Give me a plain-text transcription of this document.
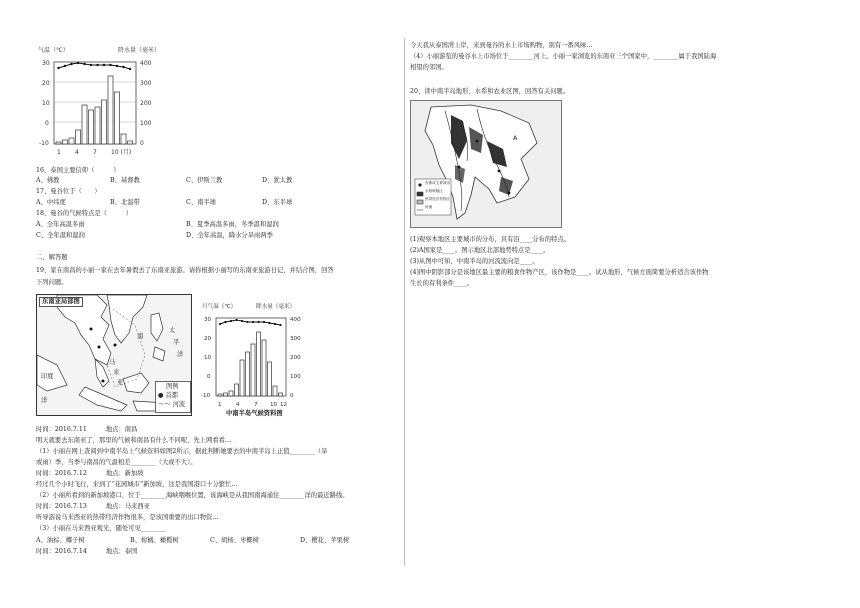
气温（℃）	降水量（毫米）
30
20
10
0
-10
400
300
200
100
0
1 4 7 10 (月)
16、泰国主要信仰（　　　）
A、佛教	B、基督教	C、伊斯兰教	D、犹太教
17、曼谷位于（　　）
A、中纬度	B、北温带	C、南半球	D、东半球
18、曼谷的气候特点是（　　　）
A、全年高温多雨	B、夏季高温多雨，冬季温和湿润
C、全年温和湿润	D、全年高温，降水分旱雨两季
二、解答题
19、家在南昌的小丽一家在去年暑假去了东南亚旅游。请你根据小丽写的东南亚旅游日记，并结合图，回答
下列问题。
东南亚局部图
南
太
平
洋
马
来
亚
洋
印度
图例
● 首都
～～ 河流
月气温（℃）	降水量（毫米）
30
20
10
0
-10
400
300
200
100
0
1	4	7 10 12
中南半岛气候资料图
时间：2016.7.11　　　地点：南昌
明天就要去东南亚了，那里的气候和南昌有什么不同呢，先上网看看…
（1）小丽在网上查阅到中南半岛上气候资料如图2所示，据此判断她要去的中南半岛上正值________（旱
或雨）季，当季与南昌的气温相差________（大或不大）。
时间：2016.7.12　　　地点：新加坡
经过几个小时飞行，来到了“花园城市”新加坡，这是我国港口十分繁忙…
（2）小丽所看到的新加坡港口，位于________海峡咽喉位置，该海峡是从我国南海通往________洋的最近路线。
时间：2016.7.13　　　地点：马来西亚
听导游说马来西亚的热带经济作物很多，是该国重要的出口物资…
（3）小丽在马来西亚观光，随处可见________
A、油棕、椰子树	B、柑橘、橄榄树	C、胡杨、枣椰树	D、樱花、苹果树
时间：2016.7.14　　　地点：泰国
今天我从泰国湾上岸，来到曼谷的水上市场购物，别有一番风味…
（4）小丽游览的曼谷水上市场位于________河上。小丽一家浏览的东南亚三个国家中，________属于我国陆海
相望的邻国。
20、读中南半岛地形、水系和农业区图，回答有关问题。
A
首都或主要城市
水稻种植区
热带经济作物区
河流
(1)观察本地区主要城市的分布，具有沿____分布的特点。
(2)A国家是____。图示地区北部地势特点是____。
(3)从图中可知，中南半岛的河流流向是____。
(4)图中阴影部分是该地区最主要的粮食作物产区，该作物是____。试从地形、气候方面简要分析适合该作物
生长的有利条件____。
